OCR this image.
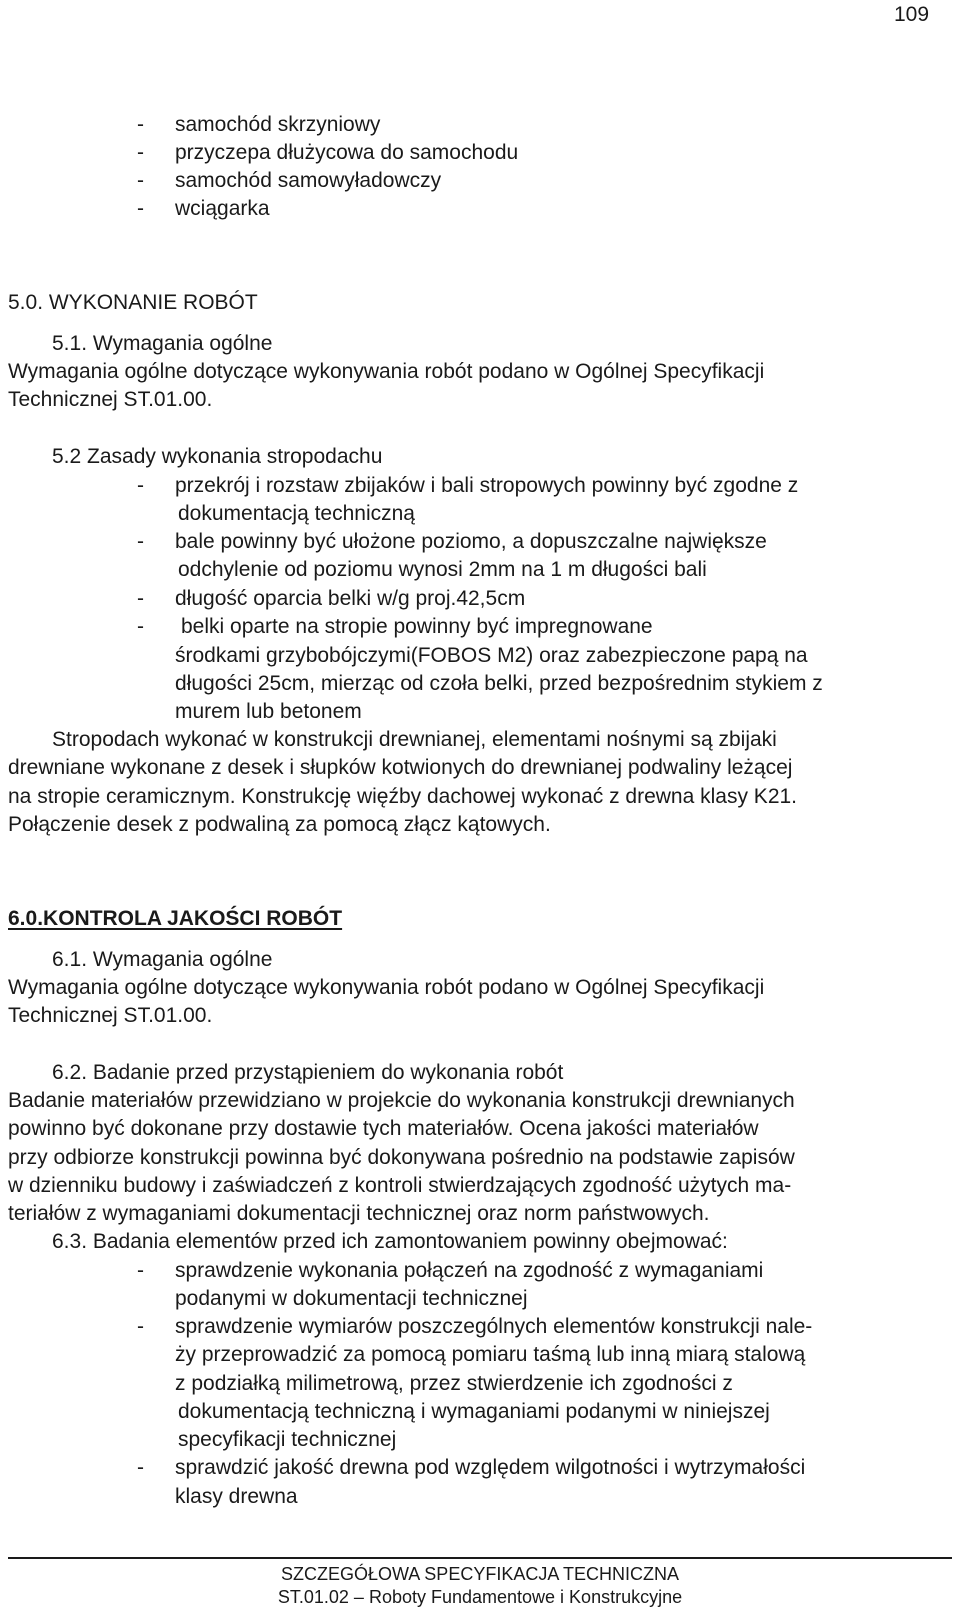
109

- samochód skrzyniowy

- przyczepa dłużycowa do samochodu

- samochód samowyładowczy

- wciągarka

5.0. WYKONANIE ROBÓT

5.1. Wymagania ogólne

Wymagania ogólne dotyczące wykonywania robót podano w Ogólnej Specyfikacji

Technicznej ST.01.00.

5.2 Zasady wykonania stropodachu

- przekrój i rozstaw zbijaków i bali stropowych powinny być zgodne z

dokumentacją techniczną

- bale powinny być ułożone poziomo, a dopuszczalne największe

odchylenie od poziomu wynosi 2mm na 1 m długości bali

- długość oparcia belki w/g proj.42,5cm

- belki oparte na stropie powinny być impregnowane

środkami grzybobójczymi(FOBOS M2) oraz zabezpieczone papą na

długości 25cm, mierząc od czoła belki, przed bezpośrednim stykiem z

murem lub betonem

Stropodach wykonać w konstrukcji drewnianej, elementami nośnymi są zbijaki

drewniane wykonane z desek i słupków kotwionych do drewnianej podwaliny leżącej

na stropie ceramicznym. Konstrukcję więźby dachowej wykonać z drewna klasy K21.

Połączenie desek z podwaliną za pomocą złącz kątowych.

6.0.KONTROLA JAKOŚCI ROBÓT

6.1. Wymagania ogólne

Wymagania ogólne dotyczące wykonywania robót podano w Ogólnej Specyfikacji

Technicznej ST.01.00.

6.2. Badanie przed przystąpieniem do wykonania robót

Badanie materiałów przewidziano w projekcie do wykonania konstrukcji drewnianych

powinno być dokonane przy dostawie tych materiałów. Ocena jakości materiałów

przy odbiorze konstrukcji powinna być dokonywana pośrednio na podstawie zapisów

w dzienniku budowy i zaświadczeń z kontroli stwierdzających zgodność użytych ma-

teriałów z wymaganiami dokumentacji technicznej oraz norm państwowych.

6.3. Badania elementów przed ich zamontowaniem powinny obejmować:

- sprawdzenie wykonania połączeń na zgodność z wymaganiami

podanymi w dokumentacji technicznej

- sprawdzenie wymiarów poszczególnych elementów konstrukcji nale-

ży przeprowadzić za pomocą pomiaru taśmą lub inną miarą stalową

z podziałką milimetrową, przez stwierdzenie ich zgodności z

dokumentacją techniczną i wymaganiami podanymi w niniejszej

specyfikacji technicznej

- sprawdzić jakość drewna pod względem wilgotności i wytrzymałości

klasy drewna

SZCZEGÓŁOWA SPECYFIKACJA TECHNICZNA

ST.01.02 – Roboty Fundamentowe i Konstrukcyjne
